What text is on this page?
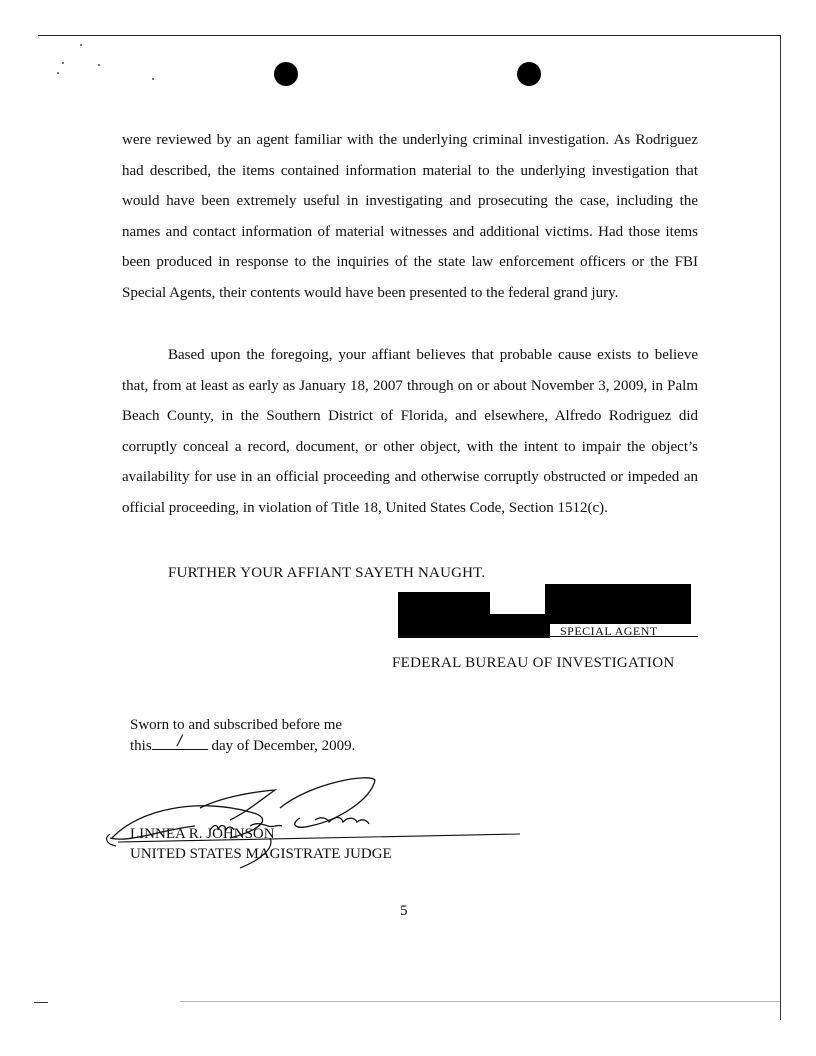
were reviewed by an agent familiar with the underlying criminal investigation. As Rodriguez had described, the items contained information material to the underlying investigation that would have been extremely useful in investigating and prosecuting the case, including the names and contact information of material witnesses and additional victims. Had those items been produced in response to the inquiries of the state law enforcement officers or the FBI Special Agents, their contents would have been presented to the federal grand jury.

Based upon the foregoing, your affiant believes that probable cause exists to believe that, from at least as early as January 18, 2007 through on or about November 3, 2009, in Palm Beach County, in the Southern District of Florida, and elsewhere, Alfredo Rodriguez did corruptly conceal a record, document, or other object, with the intent to impair the object’s availability for use in an official proceeding and otherwise corruptly obstructed or impeded an official proceeding, in violation of Title 18, United States Code, Section 1512(c).

FURTHER YOUR AFFIANT SAYETH NAUGHT.

SPECIAL AGENT
FEDERAL BUREAU OF INVESTIGATION
Sworn to and subscribed before me
this	/	day of December, 2009.
LINNEA R. JOHNSON
UNITED STATES MAGISTRATE JUDGE
5
